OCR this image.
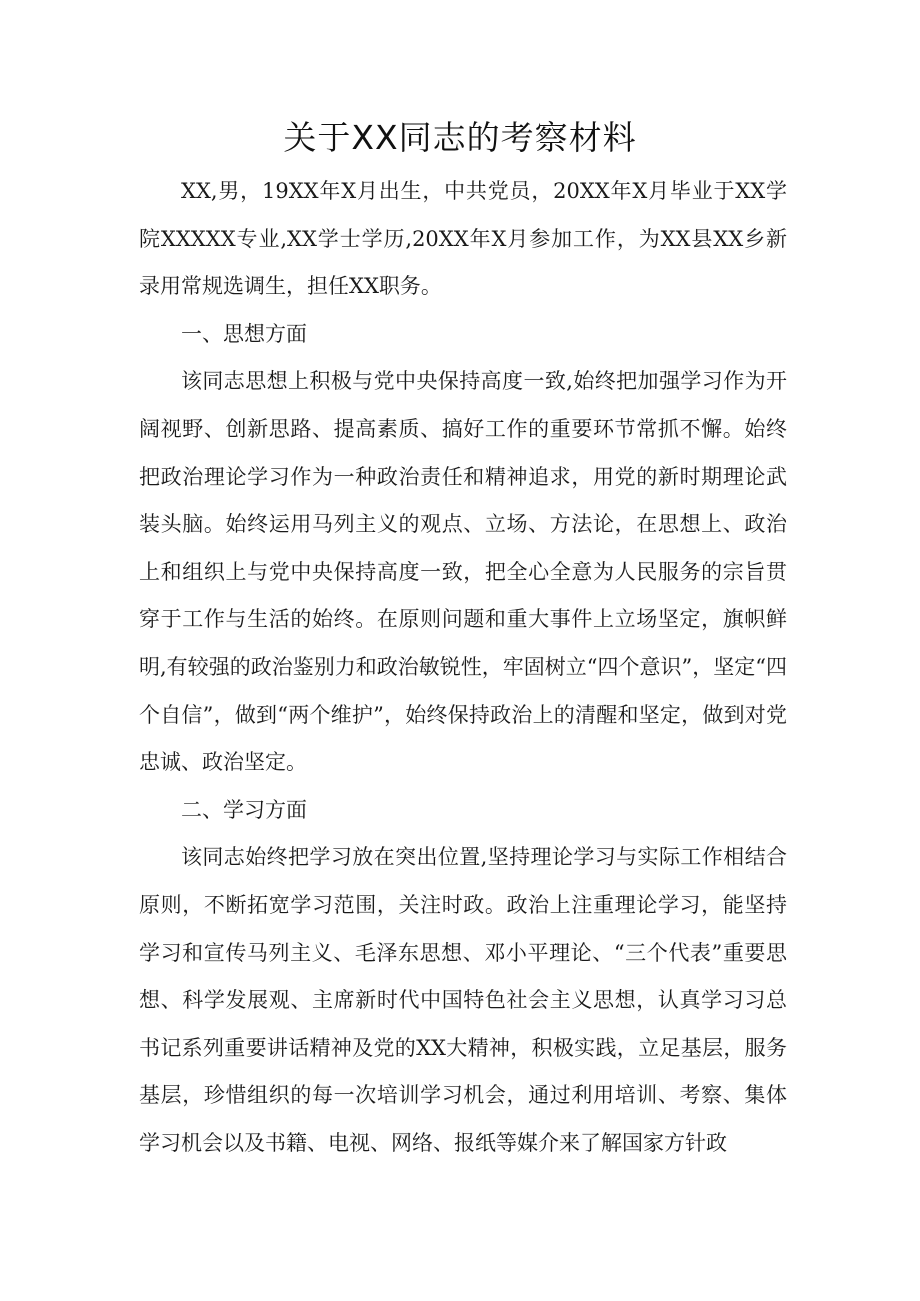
关于XX同志的考察材料

XX,男，19XX年X月出生，中共党员，20XX年X月毕业于XX学院XXXXX专业,XX学士学历,20XX年X月参加工作，为XX县XX乡新录用常规选调生，担任XX职务。

一、思想方面

该同志思想上积极与党中央保持高度一致,始终把加强学习作为开阔视野、创新思路、提高素质、搞好工作的重要环节常抓不懈。始终把政治理论学习作为一种政治责任和精神追求，用党的新时期理论武装头脑。始终运用马列主义的观点、立场、方法论，在思想上、政治上和组织上与党中央保持高度一致，把全心全意为人民服务的宗旨贯穿于工作与生活的始终。在原则问题和重大事件上立场坚定，旗帜鲜明,有较强的政治鉴别力和政治敏锐性，牢固树立“四个意识”，坚定“四个自信”，做到“两个维护”，始终保持政治上的清醒和坚定，做到对党忠诚、政治坚定。

二、学习方面

该同志始终把学习放在突出位置,坚持理论学习与实际工作相结合原则，不断拓宽学习范围，关注时政。政治上注重理论学习，能坚持学习和宣传马列主义、毛泽东思想、邓小平理论、“三个代表”重要思想、科学发展观、主席新时代中国特色社会主义思想，认真学习习总书记系列重要讲话精神及党的XX大精神，积极实践，立足基层，服务基层，珍惜组织的每一次培训学习机会，通过利用培训、考察、集体学习机会以及书籍、电视、网络、报纸等媒介来了解国家方针政
